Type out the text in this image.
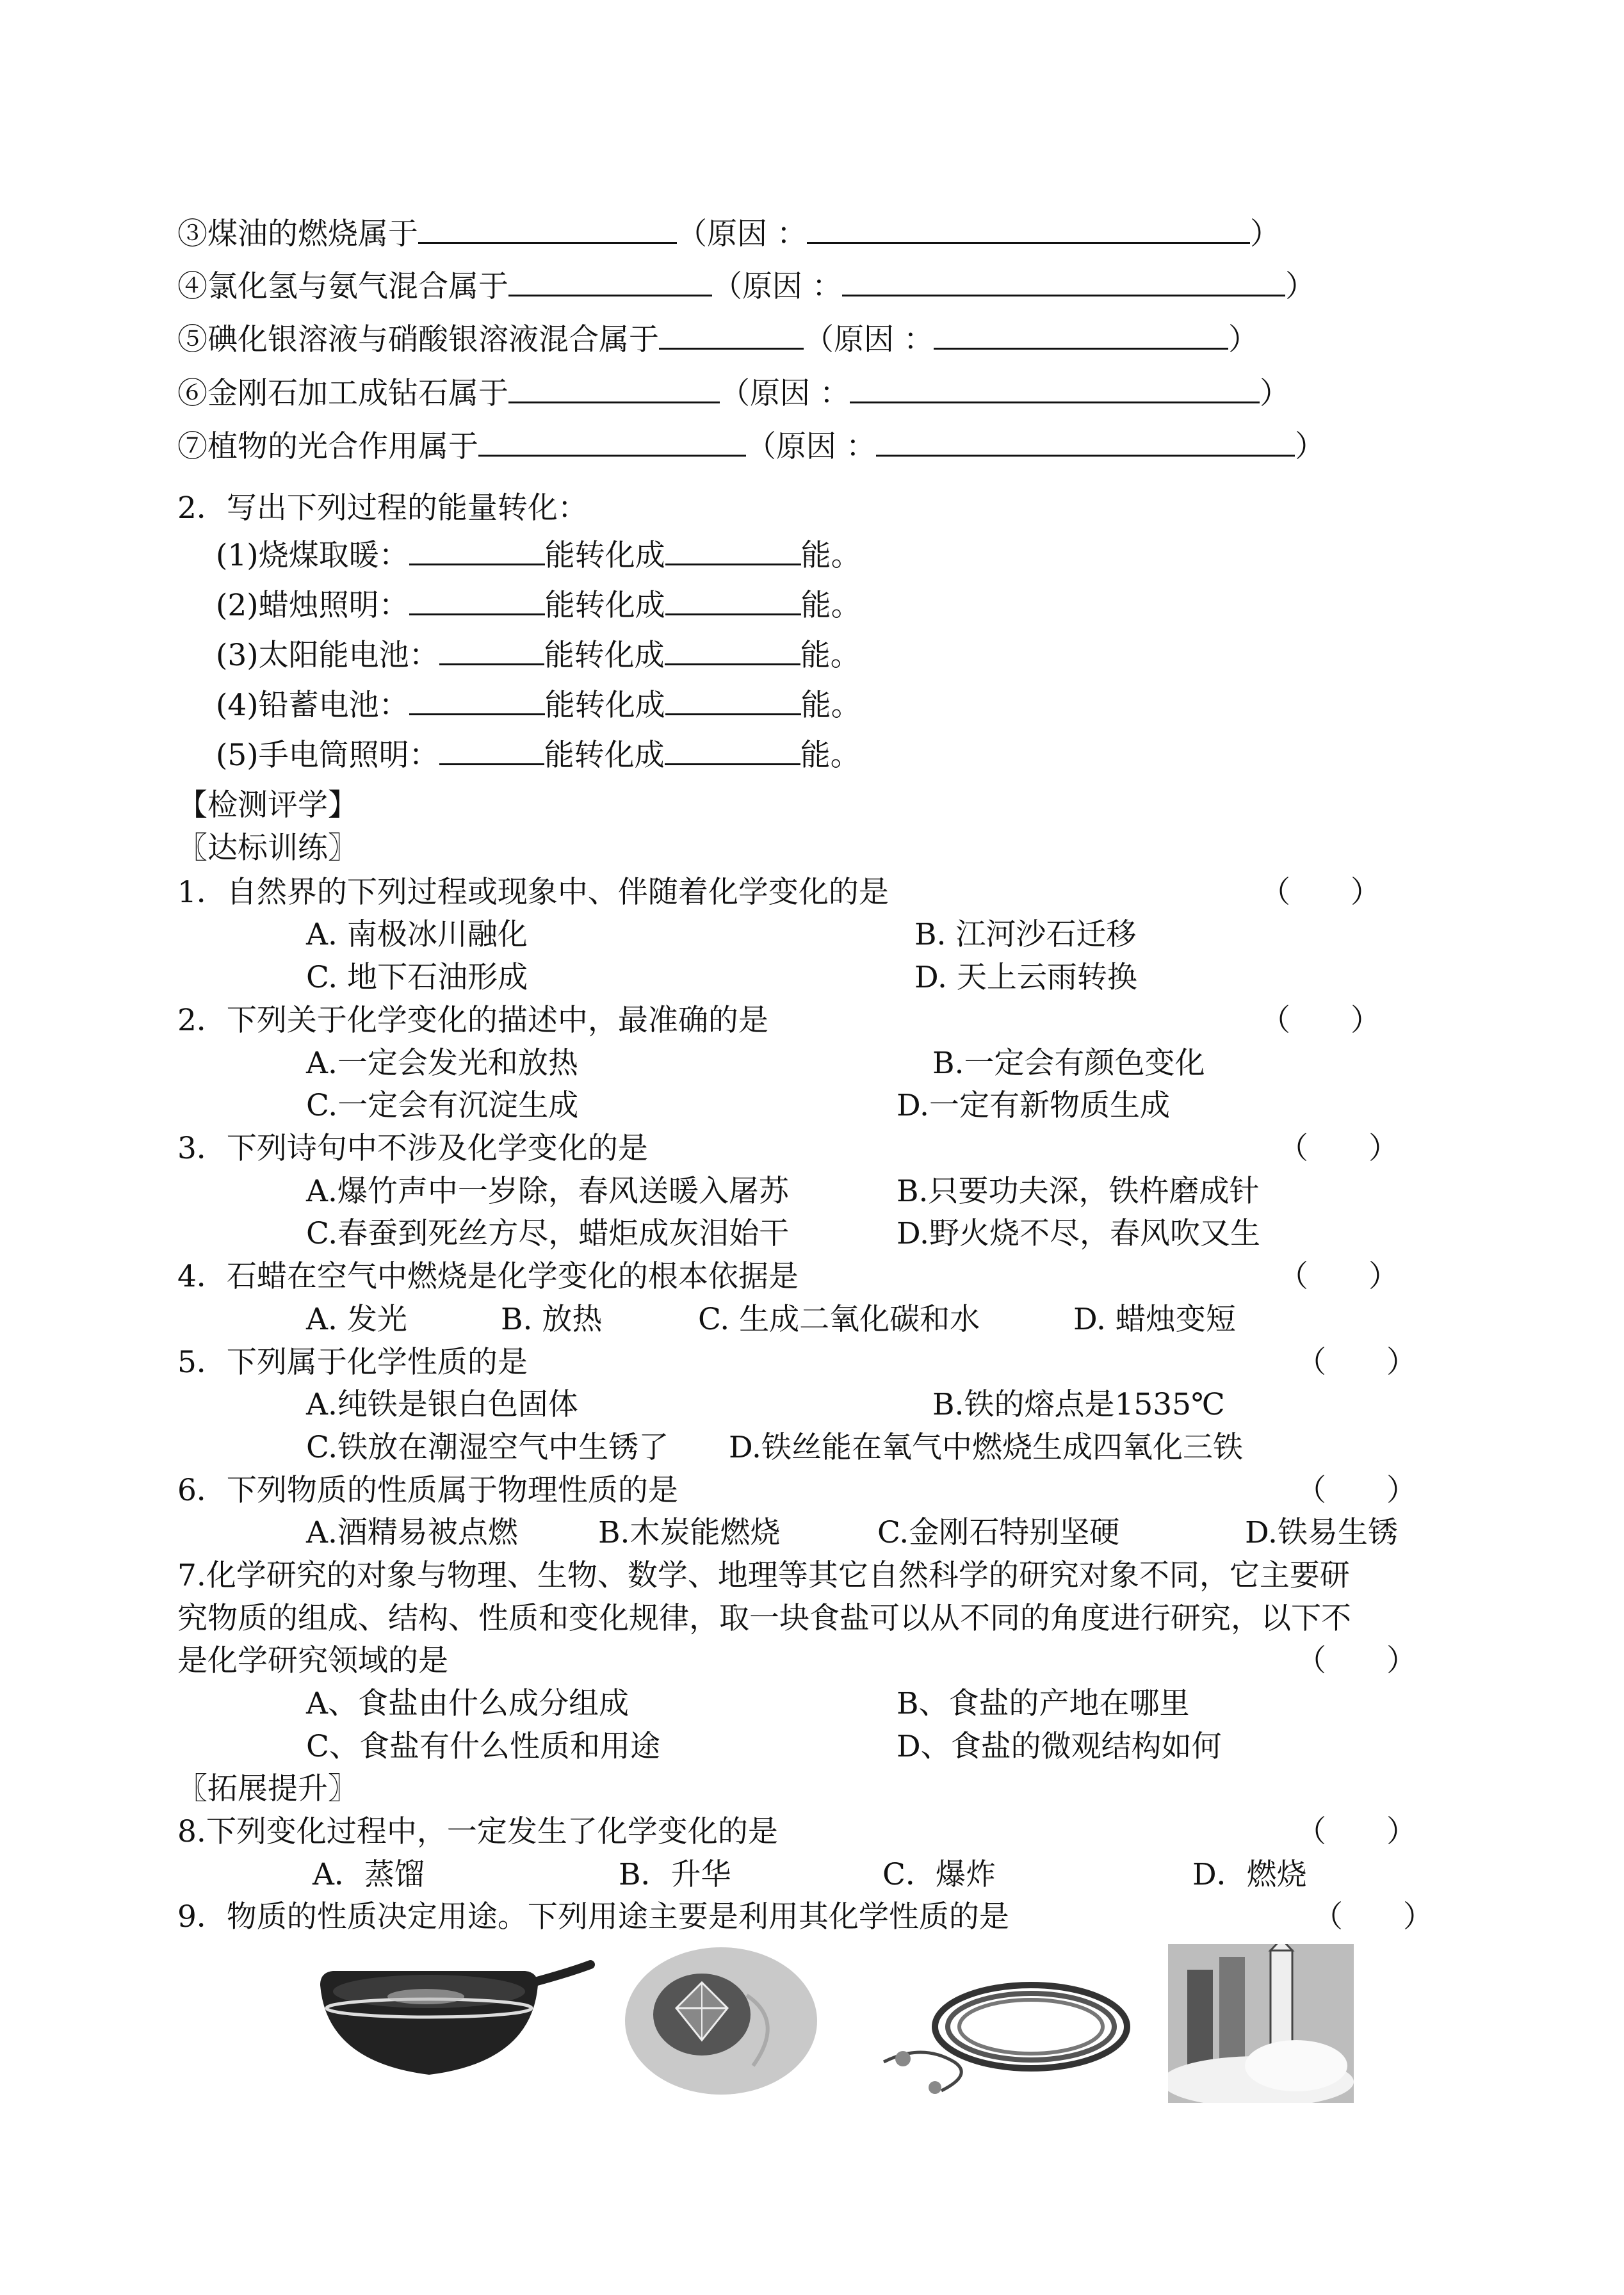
③煤油的燃烧属于	（原因 ：	）
④氯化氢与氨气混合属于	（原因 ：	）
⑤碘化银溶液与硝酸银溶液混合属于	（原因 ：	）
⑥金刚石加工成钻石属于	（原因 ：	）
⑦植物的光合作用属于	（原因 ：	）
2．写出下列过程的能量转化：
(1)烧煤取暖：	能转化成	能。
(2)蜡烛照明：	能转化成	能。
(3)太阳能电池：	能转化成	能。
(4)铅蓄电池：	能转化成	能。
(5)手电筒照明：	能转化成	能。
【检测评学】
〖达标训练〗
1．自然界的下列过程或现象中、伴随着化学变化的是	（　　）
A. 南极冰川融化	B. 江河沙石迁移
C. 地下石油形成	D. 天上云雨转换
2．下列关于化学变化的描述中，最准确的是	（　　）
A.一定会发光和放热	B.一定会有颜色变化
C.一定会有沉淀生成	D.一定有新物质生成
3．下列诗句中不涉及化学变化的是	（　　）
A.爆竹声中一岁除，春风送暖入屠苏	B.只要功夫深，铁杵磨成针
C.春蚕到死丝方尽，蜡炬成灰泪始干	D.野火烧不尽，春风吹又生
4．石蜡在空气中燃烧是化学变化的根本依据是	（　　）
A. 发光	B. 放热	C. 生成二氧化碳和水	D. 蜡烛变短
5．下列属于化学性质的是	（　　）
A.纯铁是银白色固体	B.铁的熔点是1535℃
C.铁放在潮湿空气中生锈了 D.铁丝能在氧气中燃烧生成四氧化三铁
6．下列物质的性质属于物理性质的是	（　　）
A.酒精易被点燃	B.木炭能燃烧	C.金刚石特别坚硬	D.铁易生锈
7.化学研究的对象与物理、生物、数学、地理等其它自然科学的研究对象不同，它主要研
究物质的组成、结构、性质和变化规律，取一块食盐可以从不同的角度进行研究，以下不
是化学研究领域的是	（　　）
A、食盐由什么成分组成	B、食盐的产地在哪里
C、食盐有什么性质和用途	D、食盐的微观结构如何
〖拓展提升〗
8.下列变化过程中，一定发生了化学变化的是	（　　）
A．蒸馏	B．升华	C．爆炸	D．燃烧
9．物质的性质决定用途。下列用途主要是利用其化学性质的是	（　　）
